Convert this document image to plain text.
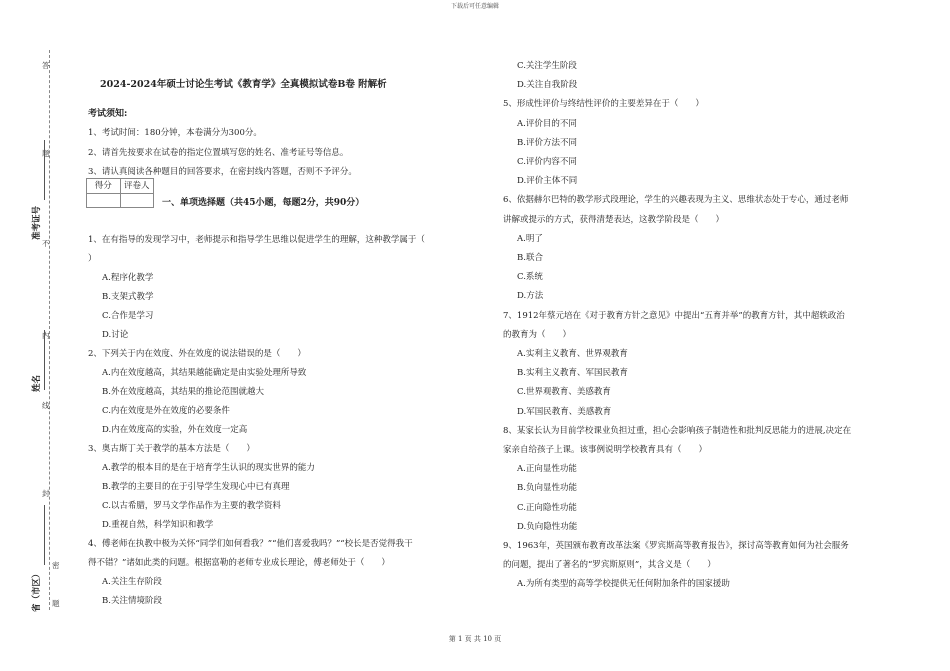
下载后可任意编辑
答
题
不
内
线
封
密
题
准考证号
姓名
省（市区）
2024-2024年硕士讨论生考试《教育学》全真模拟试卷B卷 附解析
考试须知:
1、考试时间：180分钟，本卷满分为300分。
2、请首先按要求在试卷的指定位置填写您的姓名、准考证号等信息。
3、请认真阅读各种题目的回答要求，在密封线内答题，否则不予评分。
得分	评卷人
一、单项选择题（共45小题，每题2分，共90分）
1、在有指导的发现学习中，老师提示和指导学生思维以促进学生的理解，这种教学属于（
）
A.程序化教学
B.支架式教学
C.合作是学习
D.讨论
2、下列关于内在效度、外在效度的说法错误的是（　　）
A.内在效度越高，其结果越能确定是由实验处理所导致
B.外在效度越高，其结果的推论范围就越大
C.内在效度是外在效度的必要条件
D.内在效度高的实验，外在效度一定高
3、奥古斯丁关于教学的基本方法是（　　）
A.教学的根本目的是在于培育学生认识的现实世界的能力
B.教学的主要目的在于引导学生发现心中已有真理
C.以古希腊，罗马文学作品作为主要的教学资料
D.重视自然，科学知识和教学
4、傅老师在执教中极为关怀“同学们如何看我？”“他们喜爱我吗？”“校长是否觉得我干
得不错？”诸如此类的问题。根据富勒的老师专业成长理论，傅老师处于（　　）
A.关注生存阶段
B.关注情境阶段
C.关注学生阶段
D.关注自我阶段
5、形成性评价与终结性评价的主要差异在于（　　）
A.评价目的不同
B.评价方法不同
C.评价内容不同
D.评价主体不同
6、依据赫尔巴特的教学形式段理论，学生的兴趣表现为主义、思维状态处于专心，通过老师
讲解或提示的方式，获得清楚表达，这教学阶段是（　　）
A.明了
B.联合
C.系统
D.方法
7、1912年蔡元培在《对于教育方针之意见》中提出“五育并举”的教育方针，其中超轶政治
的教育为（　　）
A.实利主义教育、世界观教育
B.实利主义教育、军国民教育
C.世界观教育、美感教育
D.军国民教育、美感教育
8、某家长认为目前学校课业负担过重，担心会影响孩子制造性和批判反思能力的进展,决定在
家亲自给孩子上课。该事例说明学校教育具有（　　）
A.正向显性功能
B.负向显性功能
C.正向隐性功能
D.负向隐性功能
9、1963年，英国颁布教育改革法案《罗宾斯高等教育报告》，探讨高等教育如何为社会服务
的问题，提出了著名的“罗宾斯原则”，其含义是（　　）
A.为所有类型的高等学校提供无任何附加条件的国家援助
第 1 页 共 10 页
